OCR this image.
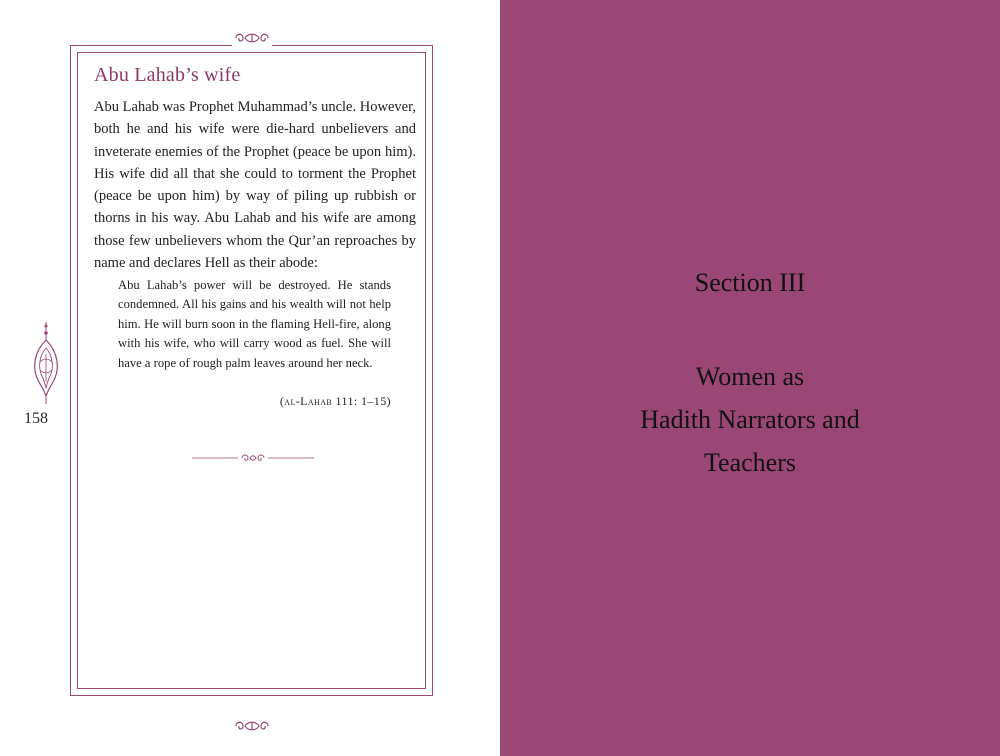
158
Abu Lahab’s wife

Abu Lahab was Prophet Muhammad’s uncle. However, both he and his wife were die-hard unbelievers and inveterate enemies of the Prophet (peace be upon him). His wife did all that she could to torment the Prophet (peace be upon him) by way of piling up rubbish or thorns in his way. Abu Lahab and his wife are among those few unbelievers whom the Qur’an reproaches by name and declares Hell as their abode:

Abu Lahab’s power will be destroyed. He stands condemned. All his gains and his wealth will not help him. He will burn soon in the flaming Hell-fire, along with his wife, who will carry wood as fuel. She will have a rope of rough palm leaves around her neck.

(al-Lahab 111: 1–15)
Section III
Women as
Hadith Narrators and
Teachers
